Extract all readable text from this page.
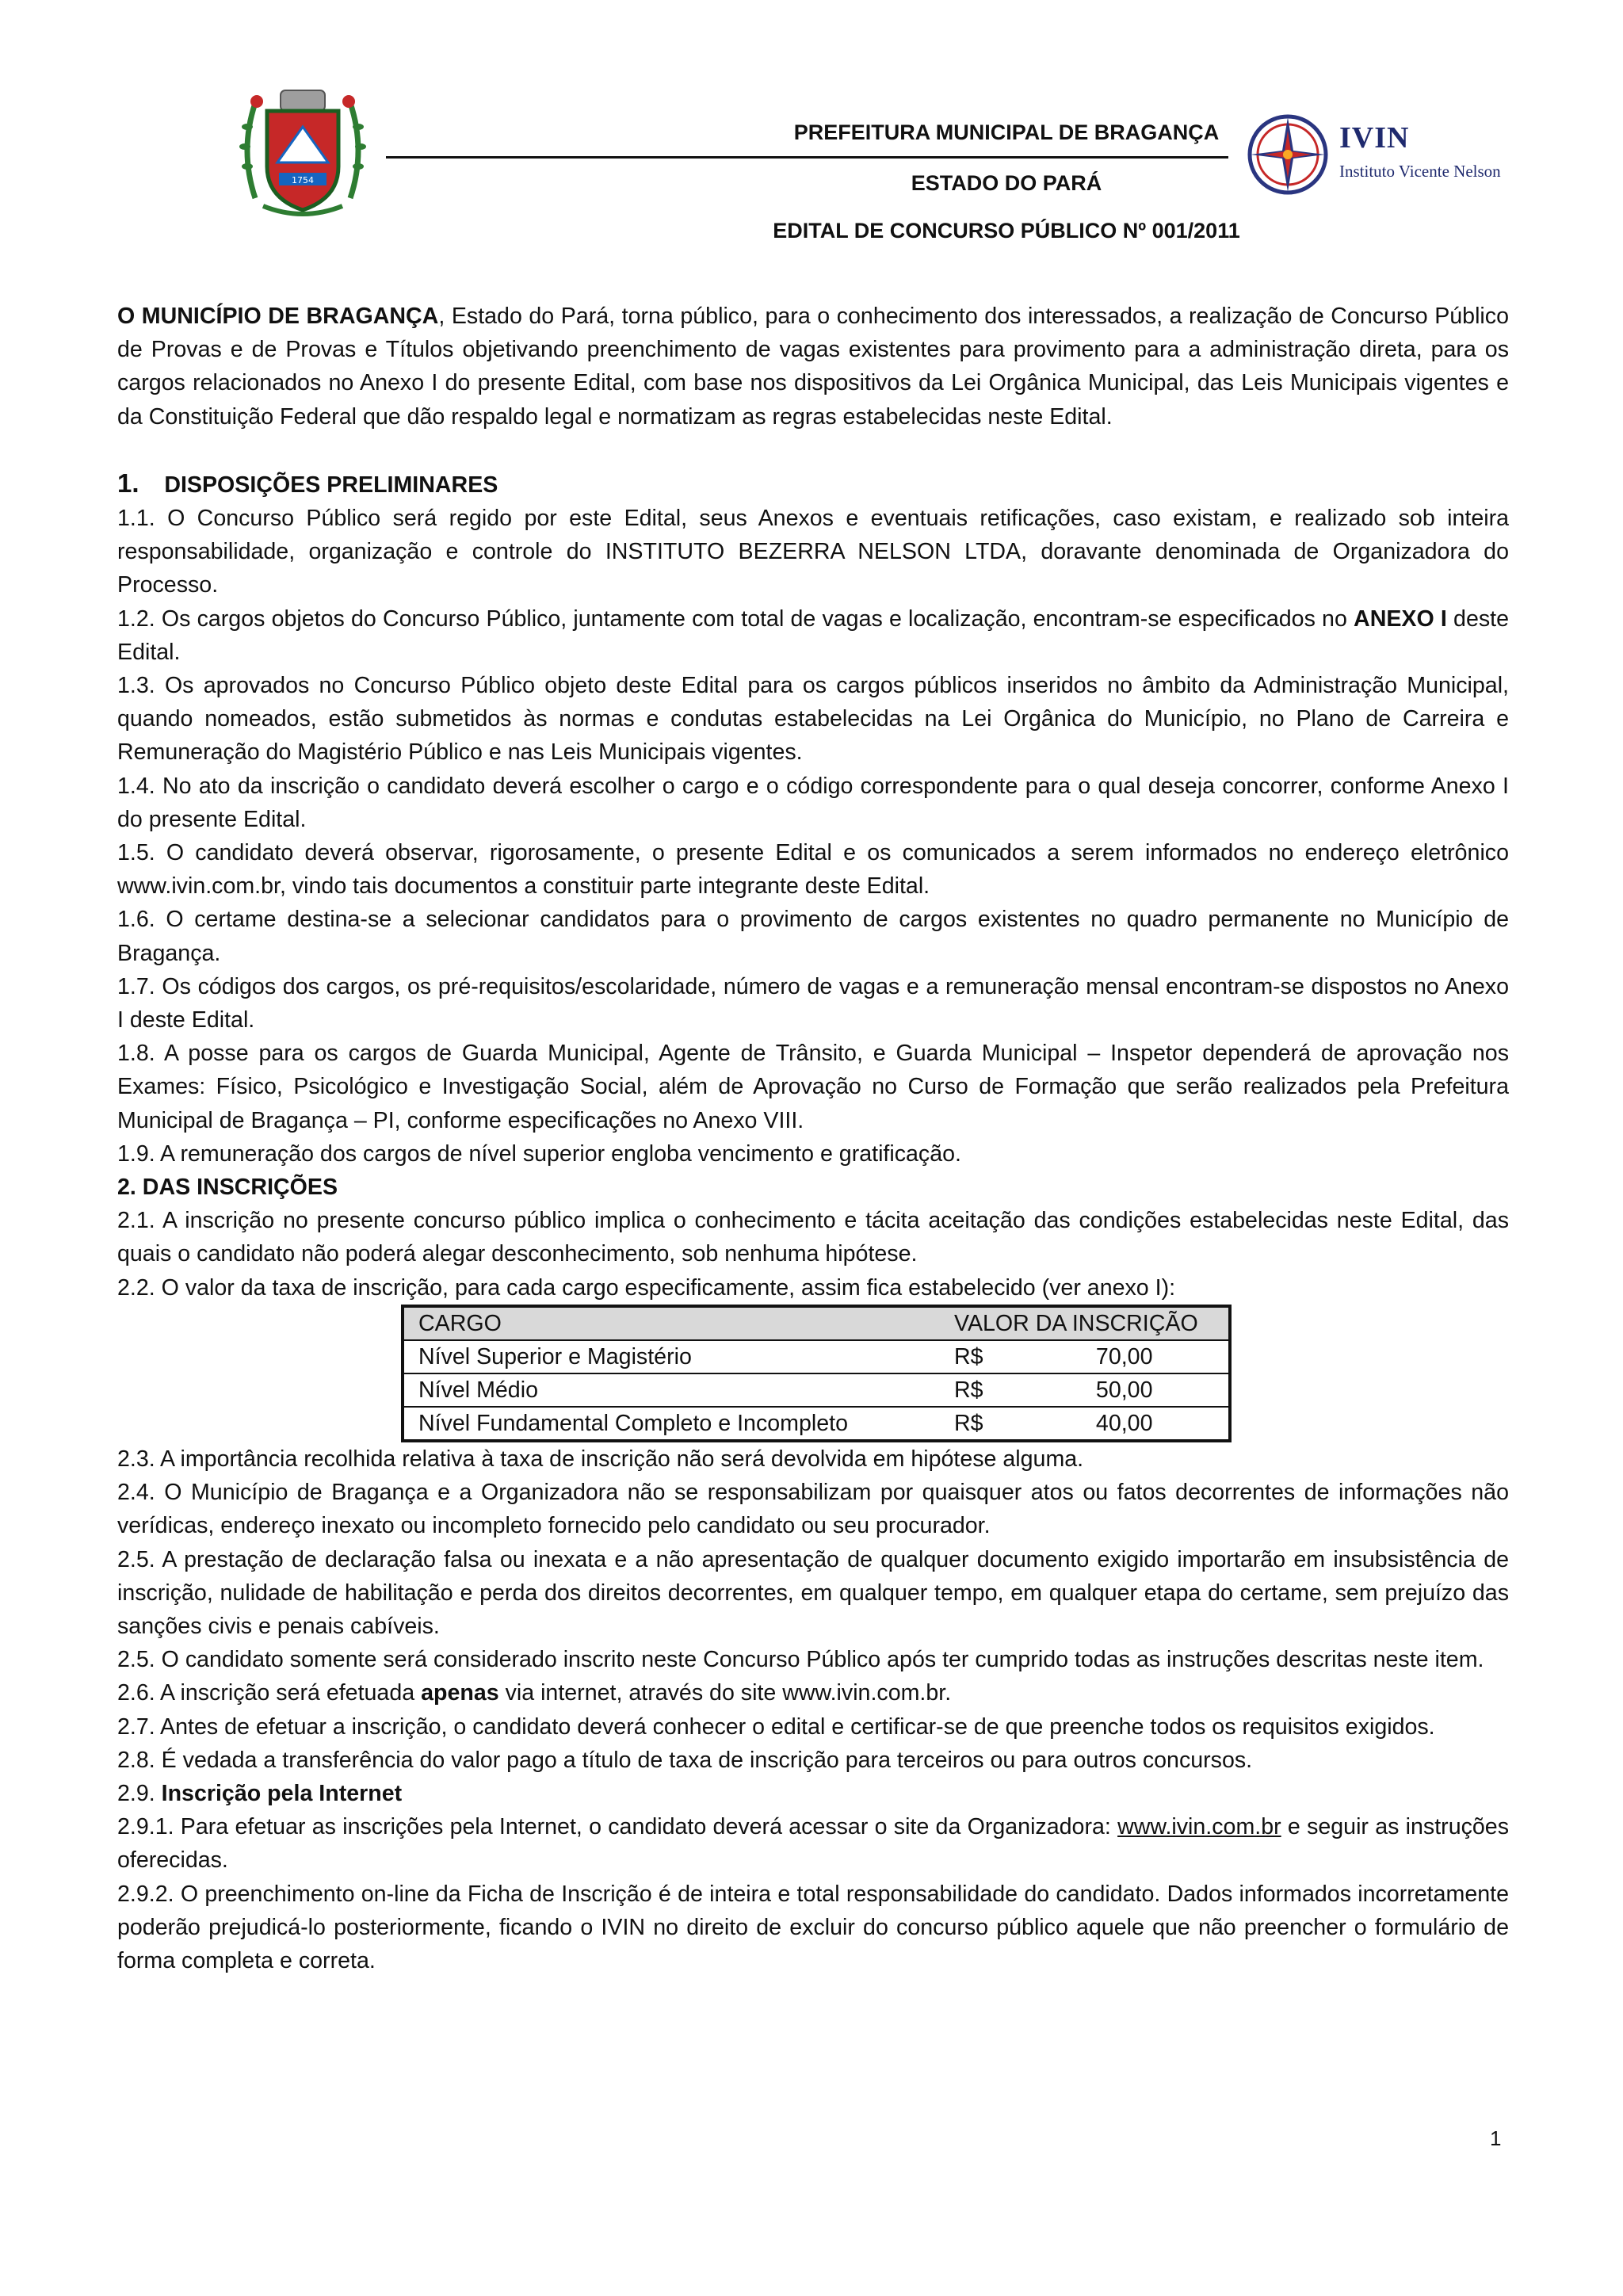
1754
PREFEITURA MUNICIPAL DE BRAGANÇA
ESTADO DO PARÁ
EDITAL DE CONCURSO PÚBLICO Nº 001/2011
IVIN
Instituto Vicente Nelson

O MUNICÍPIO DE BRAGANÇA, Estado do Pará, torna público, para o conhecimento dos interessados, a realização de Concurso Público de Provas e de Provas e Títulos objetivando preenchimento de vagas existentes para provimento para a administração direta, para os cargos relacionados no Anexo I do presente Edital, com base nos dispositivos da Lei Orgânica Municipal, das Leis Municipais vigentes e da Constituição Federal que dão respaldo legal e normatizam as regras estabelecidas neste Edital.

1. DISPOSIÇÕES PRELIMINARES

1.1. O Concurso Público será regido por este Edital, seus Anexos e eventuais retificações, caso existam, e realizado sob inteira responsabilidade, organização e controle do INSTITUTO BEZERRA NELSON LTDA, doravante denominada de Organizadora do Processo.

1.2. Os cargos objetos do Concurso Público, juntamente com total de vagas e localização, encontram-se especificados no ANEXO I deste Edital.

1.3. Os aprovados no Concurso Público objeto deste Edital para os cargos públicos inseridos no âmbito da Administração Municipal, quando nomeados, estão submetidos às normas e condutas estabelecidas na Lei Orgânica do Município, no Plano de Carreira e Remuneração do Magistério Público e nas Leis Municipais vigentes.

1.4. No ato da inscrição o candidato deverá escolher o cargo e o código correspondente para o qual deseja concorrer, conforme Anexo I do presente Edital.

1.5. O candidato deverá observar, rigorosamente, o presente Edital e os comunicados a serem informados no endereço eletrônico www.ivin.com.br, vindo tais documentos a constituir parte integrante deste Edital.

1.6. O certame destina-se a selecionar candidatos para o provimento de cargos existentes no quadro permanente no Município de Bragança.

1.7. Os códigos dos cargos, os pré-requisitos/escolaridade, número de vagas e a remuneração mensal encontram-se dispostos no Anexo I deste Edital.

1.8. A posse para os cargos de Guarda Municipal, Agente de Trânsito, e Guarda Municipal – Inspetor dependerá de aprovação nos Exames: Físico, Psicológico e Investigação Social, além de Aprovação no Curso de Formação que serão realizados pela Prefeitura Municipal de Bragança – PI, conforme especificações no Anexo VIII.

1.9. A remuneração dos cargos de nível superior engloba vencimento e gratificação.

2. DAS INSCRIÇÕES

2.1. A inscrição no presente concurso público implica o conhecimento e tácita aceitação das condições estabelecidas neste Edital, das quais o candidato não poderá alegar desconhecimento, sob nenhuma hipótese.

2.2. O valor da taxa de inscrição, para cada cargo especificamente, assim fica estabelecido (ver anexo I):

CARGO	VALOR DA INSCRIÇÃO	
Nível Superior e Magistério	R$	70,00
Nível Médio	R$	50,00
Nível Fundamental Completo e Incompleto	R$	40,00

2.3. A importância recolhida relativa à taxa de inscrição não será devolvida em hipótese alguma.

2.4. O Município de Bragança e a Organizadora não se responsabilizam por quaisquer atos ou fatos decorrentes de informações não verídicas, endereço inexato ou incompleto fornecido pelo candidato ou seu procurador.

2.5. A prestação de declaração falsa ou inexata e a não apresentação de qualquer documento exigido importarão em insubsistência de inscrição, nulidade de habilitação e perda dos direitos decorrentes, em qualquer tempo, em qualquer etapa do certame, sem prejuízo das sanções civis e penais cabíveis.

2.5. O candidato somente será considerado inscrito neste Concurso Público após ter cumprido todas as instruções descritas neste item.

2.6. A inscrição será efetuada apenas via internet, através do site www.ivin.com.br.

2.7. Antes de efetuar a inscrição, o candidato deverá conhecer o edital e certificar-se de que preenche todos os requisitos exigidos.

2.8. É vedada a transferência do valor pago a título de taxa de inscrição para terceiros ou para outros concursos.

2.9. Inscrição pela Internet

2.9.1. Para efetuar as inscrições pela Internet, o candidato deverá acessar o site da Organizadora: www.ivin.com.br e seguir as instruções oferecidas.

2.9.2. O preenchimento on-line da Ficha de Inscrição é de inteira e total responsabilidade do candidato. Dados informados incorretamente poderão prejudicá-lo posteriormente, ficando o IVIN no direito de excluir do concurso público aquele que não preencher o formulário de forma completa e correta.

1
